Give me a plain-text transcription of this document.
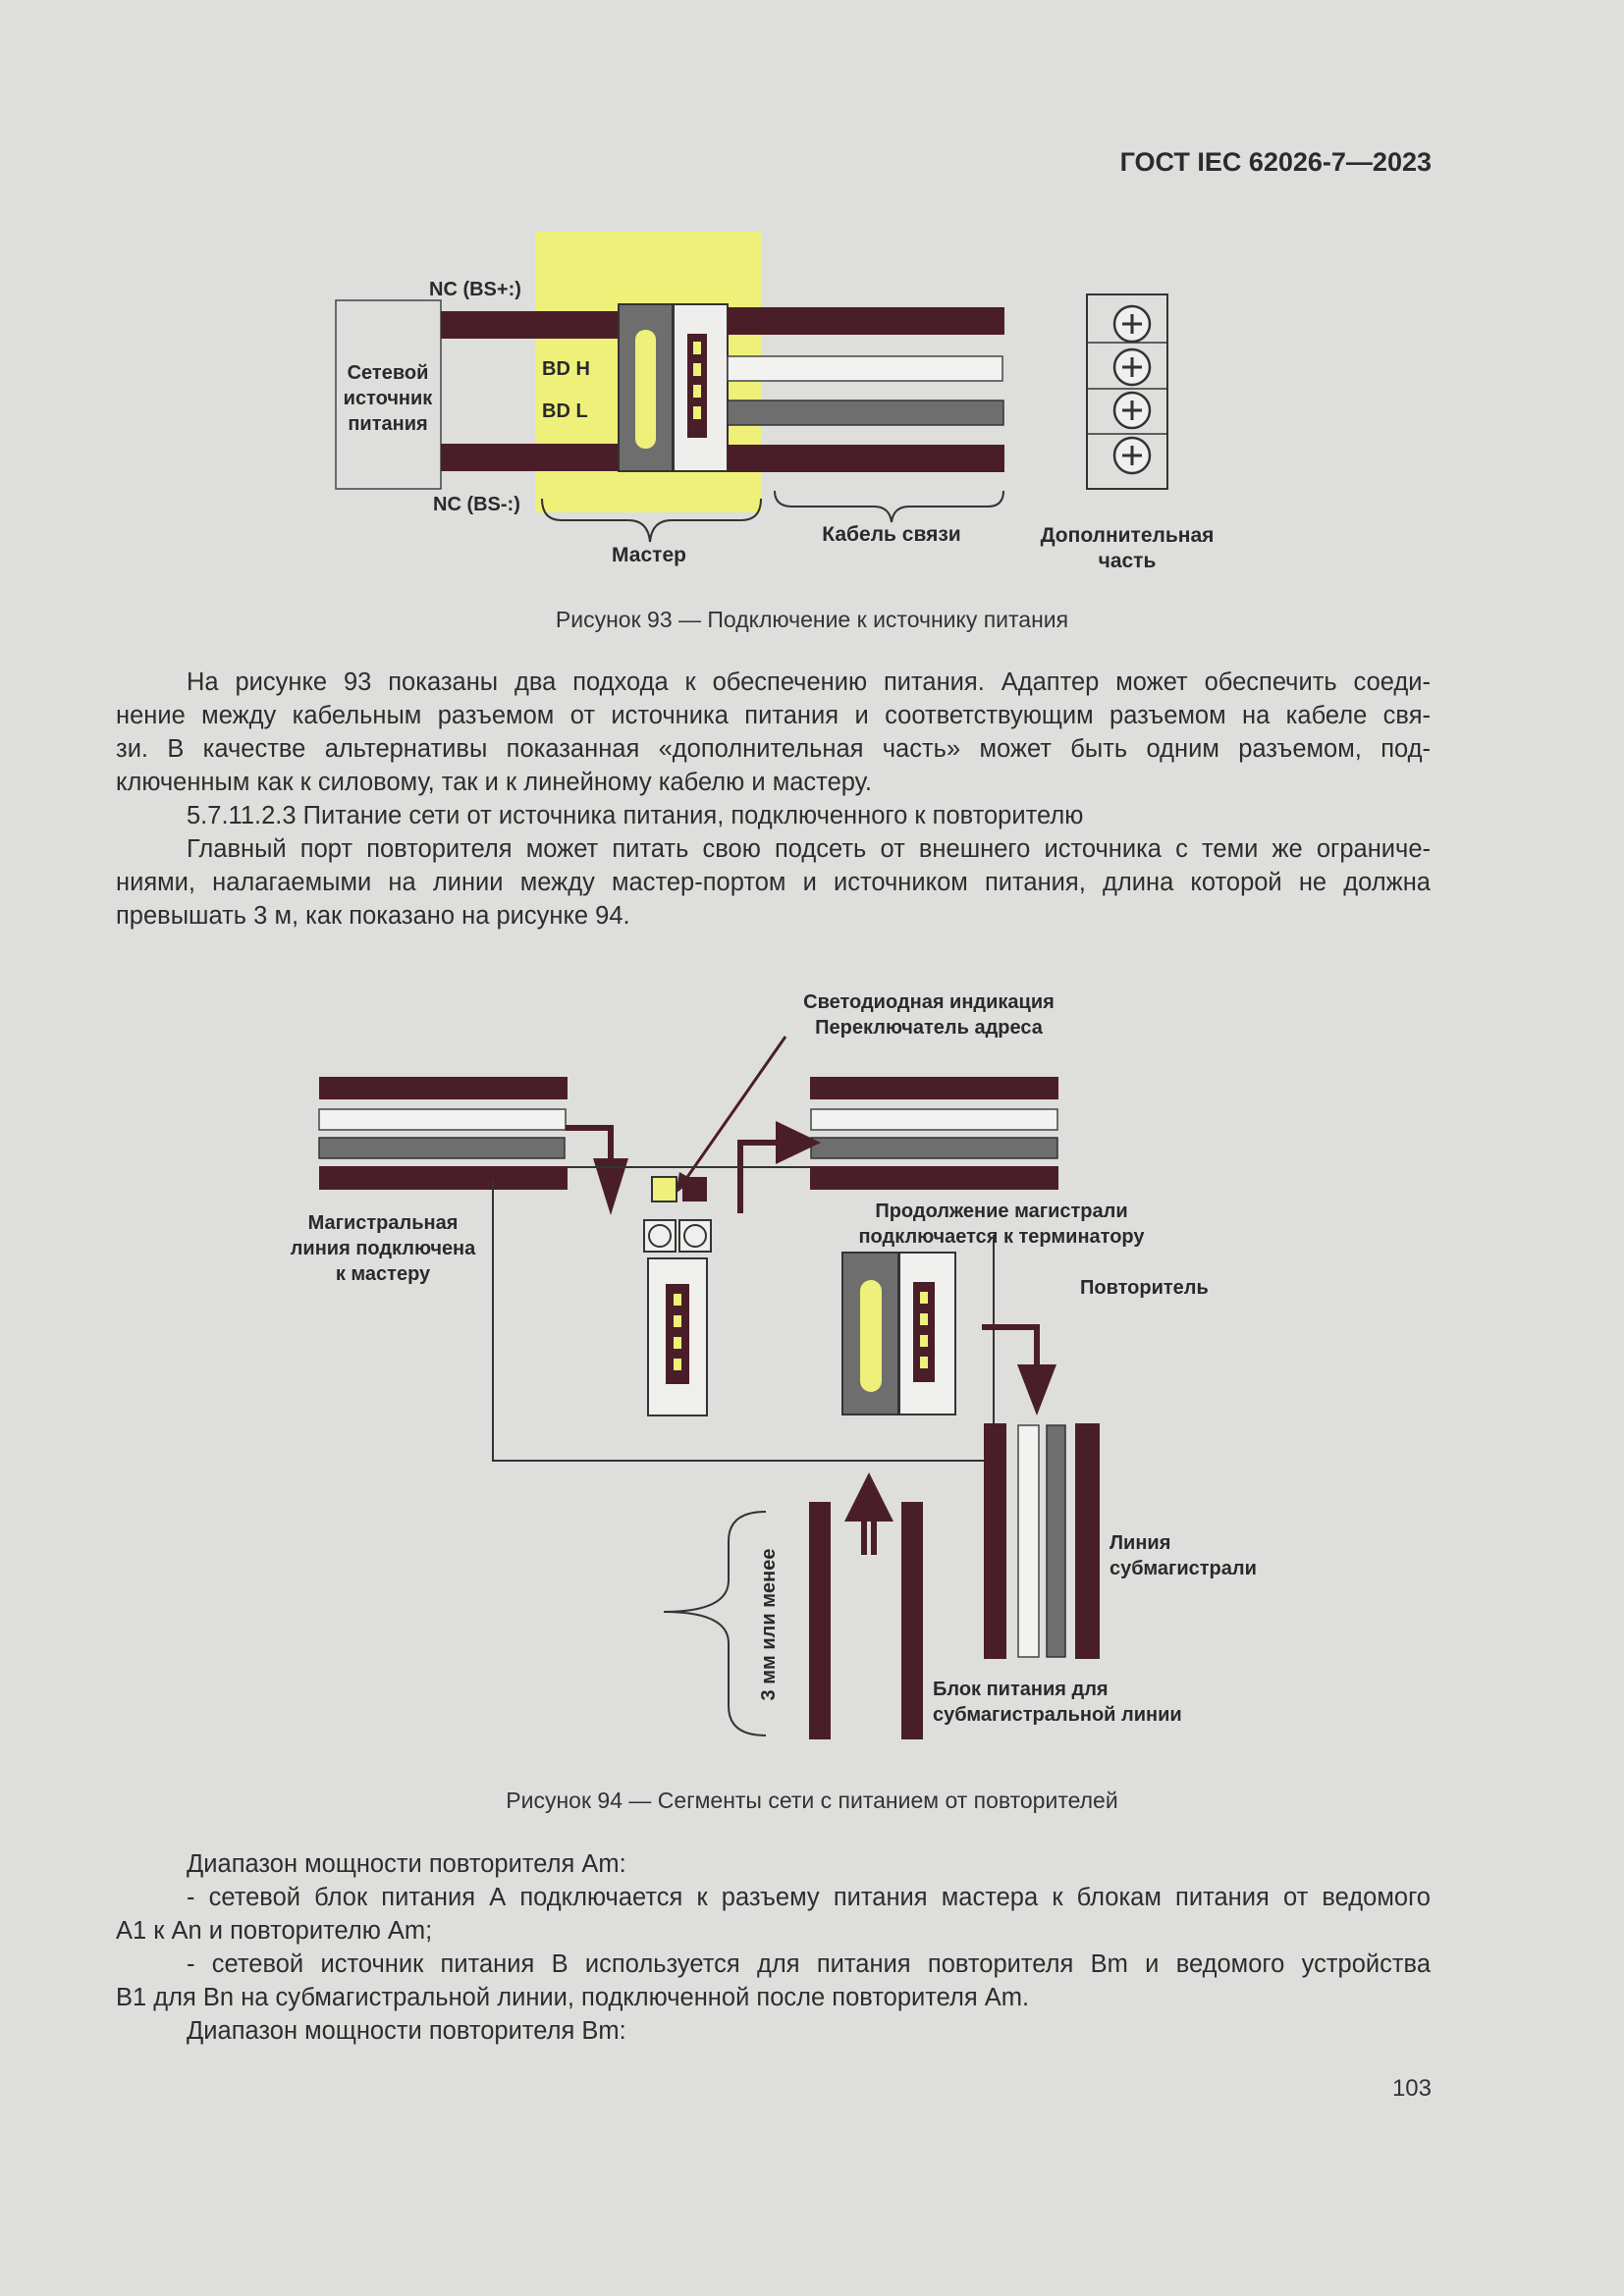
ГОСТ IEC 62026-7—2023
Сетевой
источник
питания
NC (BS+:)
NC (BS-:)
BD H
BD L
Мастер
Кабель связи	Дополнительная
часть
Рисунок 93 — Подключение к источнику питания

На рисунке 93 показаны два подхода к обеспечению питания. Адаптер может обеспечить соеди-

нение между кабельным разъемом от источника питания и соответствующим разъемом на кабеле свя-

зи. В качестве альтернативы показанная «дополнительная часть» может быть одним разъемом, под-

ключенным как к силовому, так и к линейному кабелю и мастеру.

5.7.11.2.3 Питание сети от источника питания, подключенного к повторителю

Главный порт повторителя может питать свою подсеть от внешнего источника с теми же ограниче-

ниями, налагаемыми на линии между мастер-портом и источником питания, длина которой не должна

превышать 3 м, как показано на рисунке 94.

Светодиодная индикация
Переключатель адреса
Магистральная
линия подключена
к мастеру
Продолжение магистрали
подключается к терминатору
Повторитель
Линия
субмагистрали
Блок питания для
субмагистральной линии
3 мм или менее
Рисунок 94 — Сегменты сети с питанием от повторителей

Диапазон мощности повторителя Am:

- сетевой блок питания А подключается к разъему питания мастера к блокам питания от ведомого

A1 к An и повторителю Am;

- сетевой источник питания В используется для питания повторителя Bm и ведомого устройства

B1 для Bn на субмагистральной линии, подключенной после повторителя Am.

Диапазон мощности повторителя Bm:

103
